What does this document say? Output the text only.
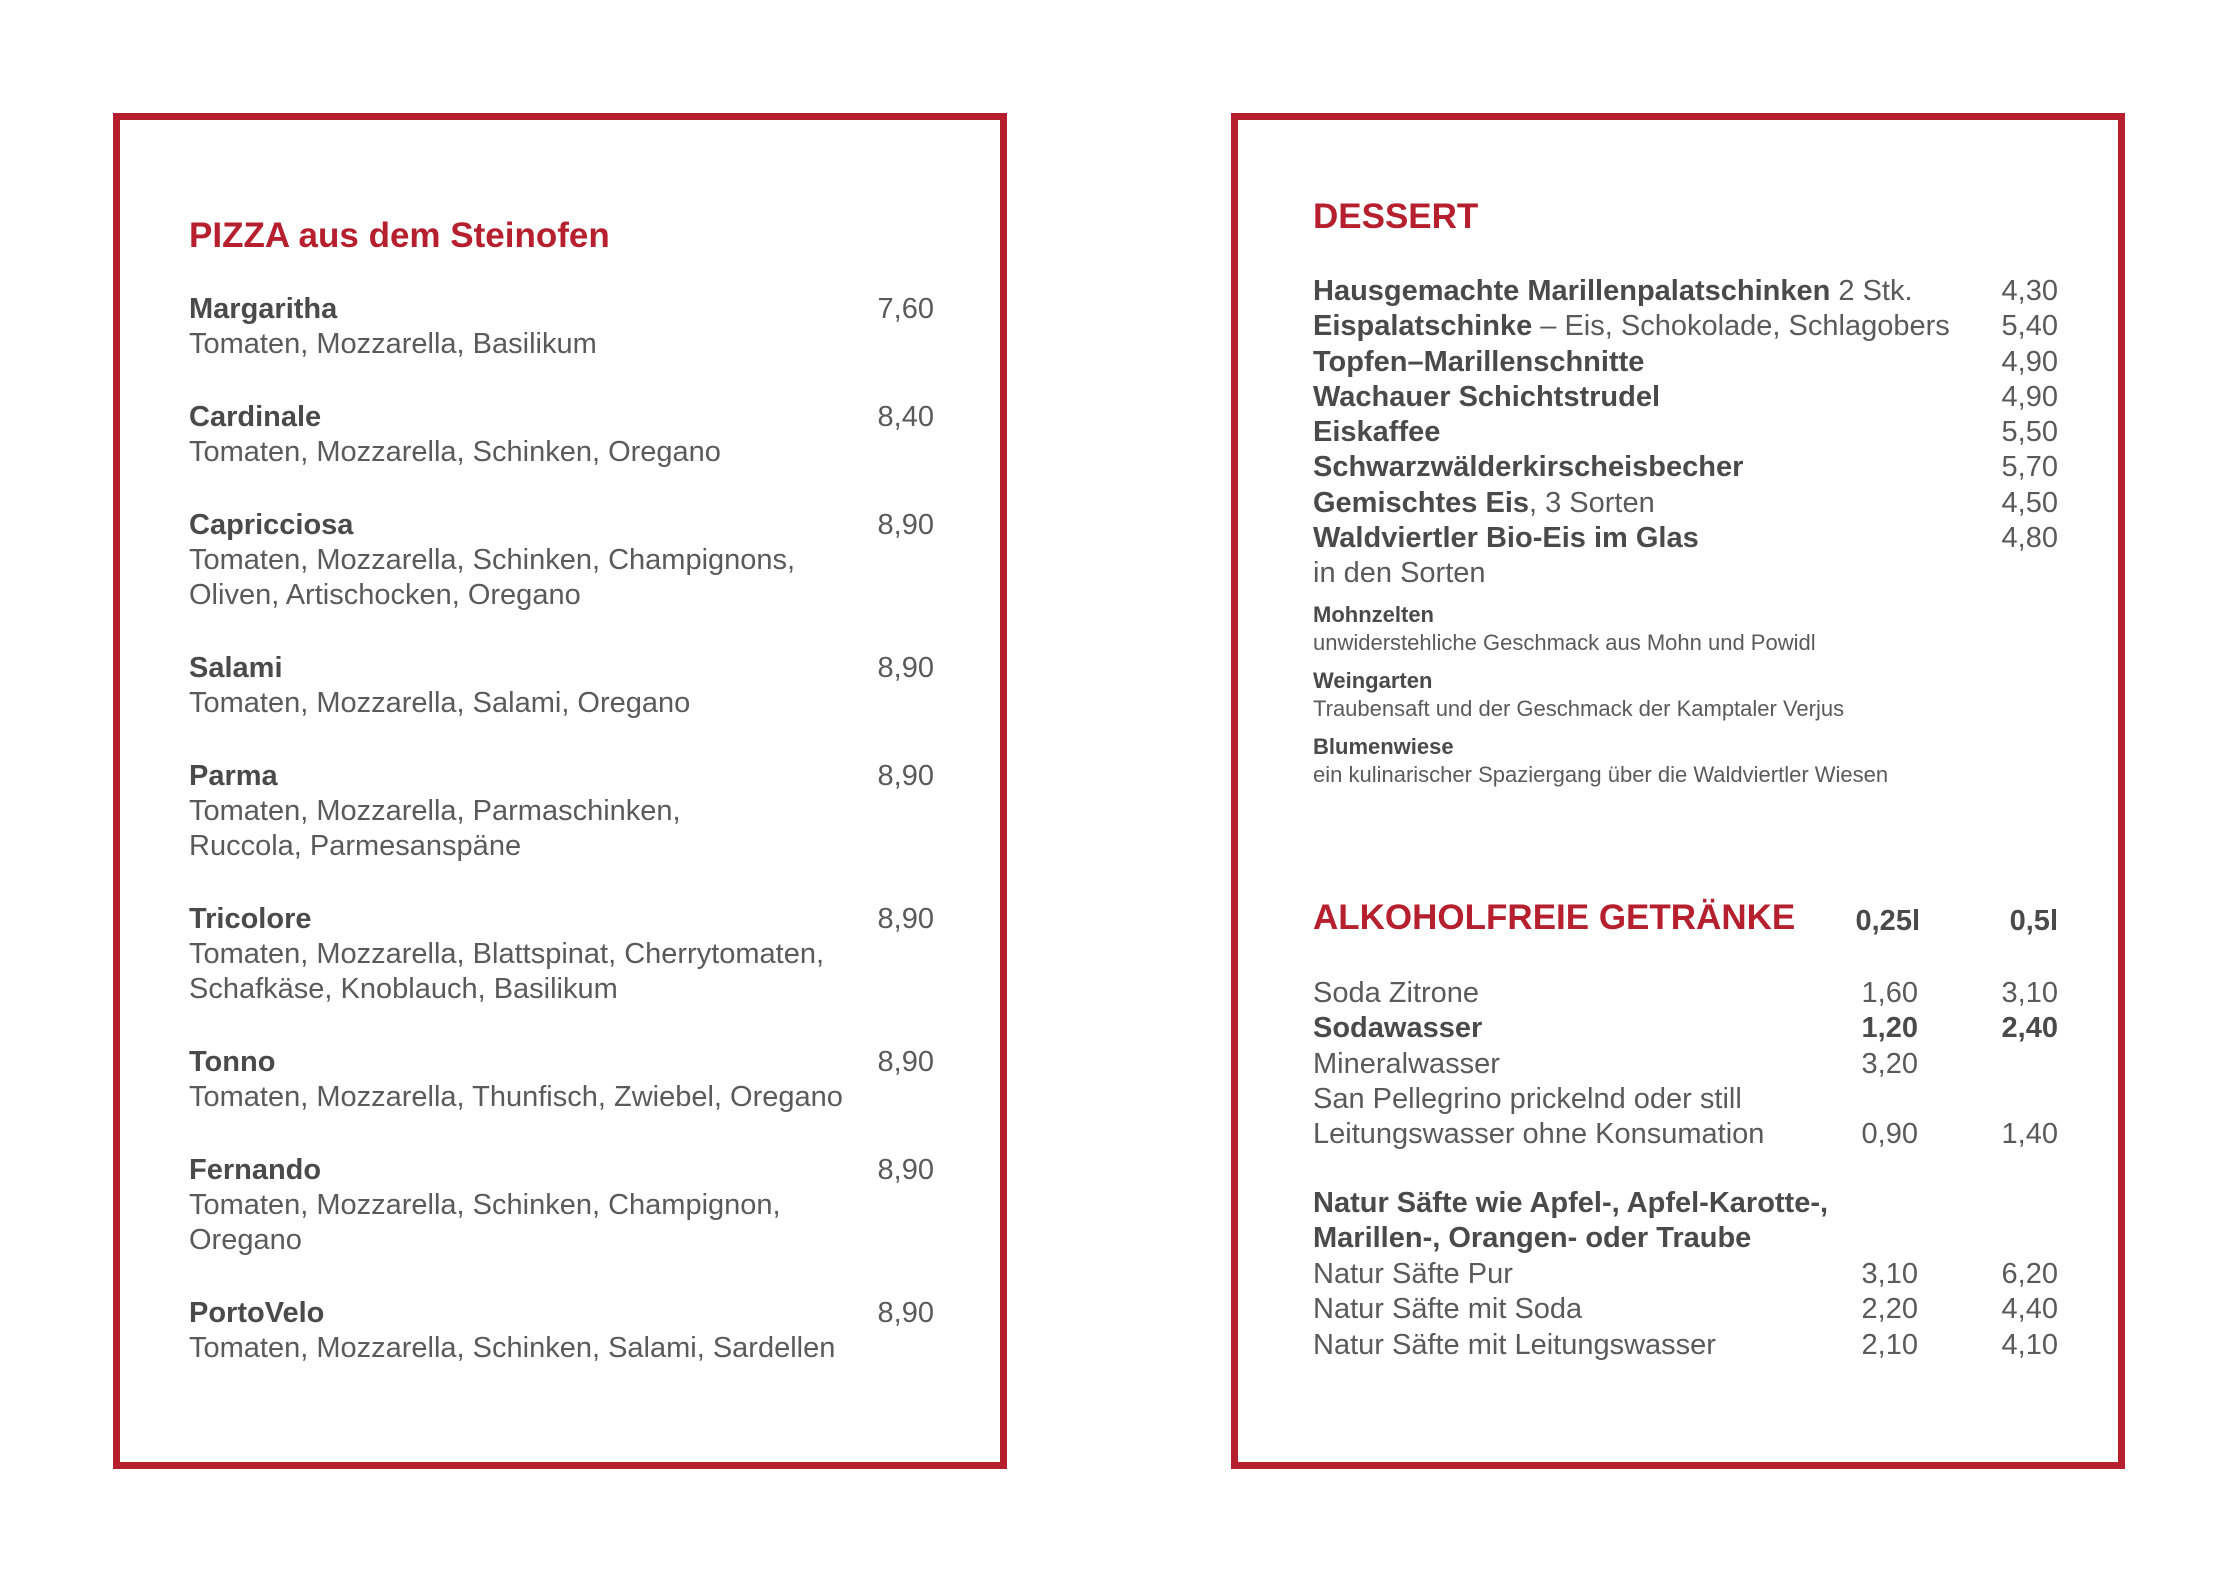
PIZZA aus dem Steinofen
Margaritha
Tomaten, Mozzarella, Basilikum
7,60
Cardinale
Tomaten, Mozzarella, Schinken, Oregano
8,40
Capricciosa
Tomaten, Mozzarella, Schinken, Champignons,
Oliven, Artischocken, Oregano
8,90
Salami
Tomaten, Mozzarella, Salami, Oregano
8,90
Parma
Tomaten, Mozzarella, Parmaschinken,
Ruccola, Parmesanspäne
8,90
Tricolore
Tomaten, Mozzarella, Blattspinat, Cherrytomaten,
Schafkäse, Knoblauch, Basilikum
8,90
Tonno
Tomaten, Mozzarella, Thunfisch, Zwiebel, Oregano
8,90
Fernando
Tomaten, Mozzarella, Schinken, Champignon,
Oregano
8,90
PortoVelo
Tomaten, Mozzarella, Schinken, Salami, Sardellen
8,90
DESSERT
Hausgemachte Marillenpalatschinken 2 Stk.	4,30
Eispalatschinke – Eis, Schokolade, Schlagobers 5,40
Topfen–Marillenschnitte	4,90
Wachauer Schichtstrudel	4,90
Eiskaffee	5,50
Schwarzwälderkirscheisbecher	5,70
Gemischtes Eis, 3 Sorten	4,50
Waldviertler Bio-Eis im Glas	4,80
in den Sorten
Mohnzelten
unwiderstehliche Geschmack aus Mohn und Powidl
Weingarten
Traubensaft und der Geschmack der Kamptaler Verjus
Blumenwiese
ein kulinarischer Spaziergang über die Waldviertler Wiesen
ALKOHOLFREIE GETRÄNKE 0,25l	0,5l
Soda Zitrone	1,60	3,10
Sodawasser	1,20	2,40
Mineralwasser	3,20
San Pellegrino prickelnd oder still
Leitungswasser ohne Konsumation	0,90	1,40
Natur Säfte wie Apfel-, Apfel-Karotte-, Marillen-, Orangen- oder Traube
Natur Säfte Pur	3,10	6,20
Natur Säfte mit Soda	2,20	4,40
Natur Säfte mit Leitungswasser	2,10	4,10
